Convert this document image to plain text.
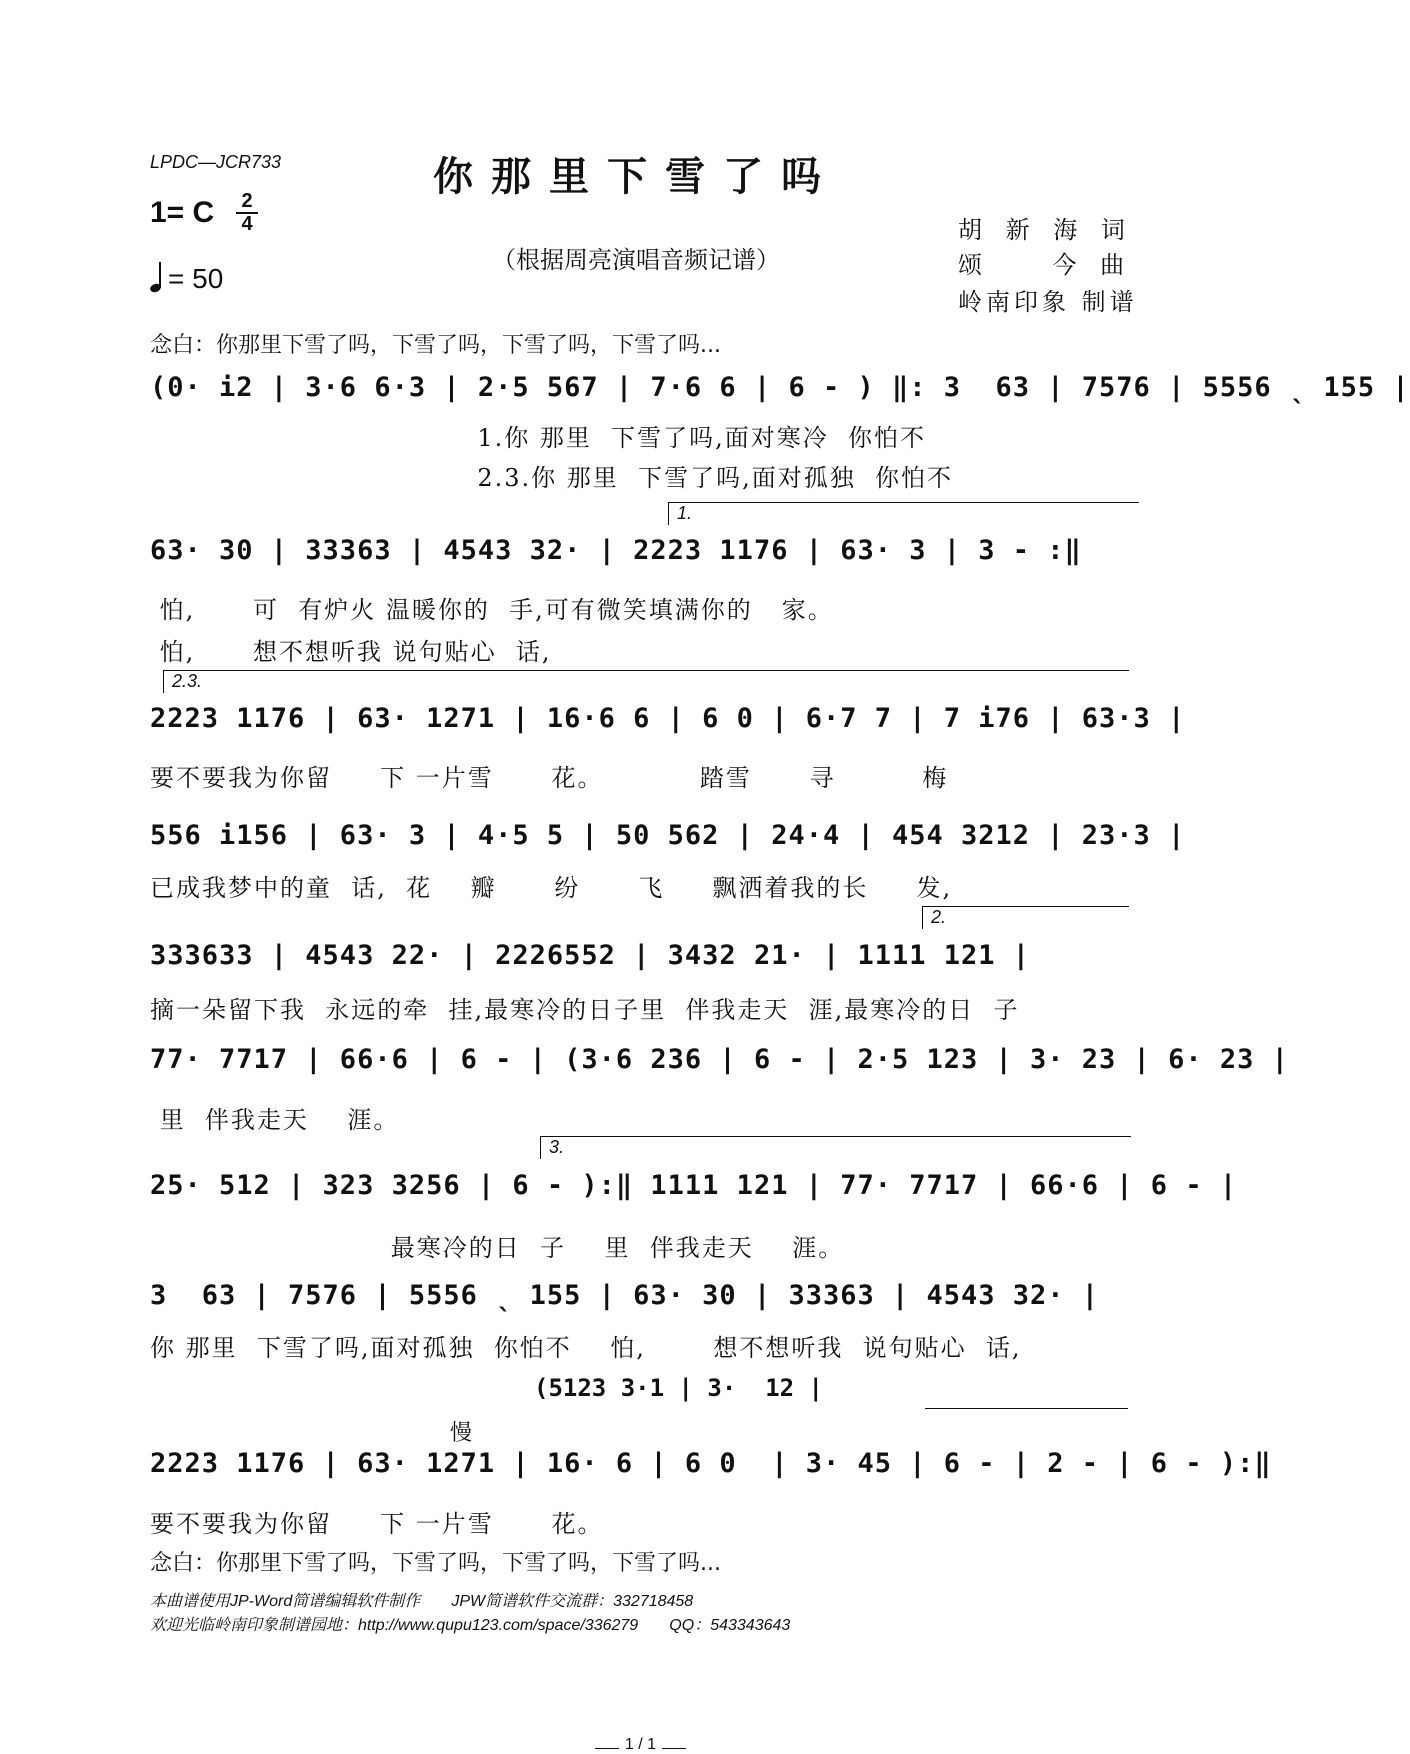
LPDC—JCR733	你那里下雪了吗
（根据周亮演唱音频记谱）
胡 新 海 词
颂    今 曲
岭南印象 制谱
1= C 2
4
= 50
念白：你那里下雪了吗，下雪了吗，下雪了吗，下雪了吗...
(0· i2 | 3·6 6·3 | 2·5 567 | 7·6 6 | 6 - ) ‖: 3  63 | 7576 | 5556 ˎ 155 |
1.你 那里  下雪了吗,面对寒冷  你怕不
2.3.你 那里  下雪了吗,面对孤独  你怕不
1.
63· 30 | 33363 | 4543 32· | 2223 1176 | 63· 3 | 3 - :‖
怕,      可  有炉火 温暖你的  手,可有微笑填满你的   家。
怕,      想不想听我 说句贴心  话,
2.3.
2223 1176 | 63· 1271 | 16·6 6 | 6 0 | 6·7 7 | 7 i76 | 63·3 |
要不要我为你留     下 一片雪      花。          踏雪      寻         梅
556 i156 | 63· 3 | 4·5 5 | 50 562 | 24·4 | 454 3212 | 23·3 |
已成我梦中的童  话,  花    瓣      纷      飞     飘洒着我的长     发,
2.
333633 | 4543 22· | 2226552 | 3432 21· | 1111 121 |
摘一朵留下我  永远的牵  挂,最寒冷的日子里  伴我走天  涯,最寒冷的日  子
77· 7717 | 66·6 | 6 - | (3·6 236 | 6 - | 2·5 123 | 3· 23 | 6· 23 |
里  伴我走天    涯。
3.
25· 512 | 323 3256 | 6 - ):‖ 1111 121 | 77· 7717 | 66·6 | 6 - |
最寒冷的日  子    里  伴我走天    涯。
3  63 | 7576 | 5556 ˎ 155 | 63· 30 | 33363 | 4543 32· |
你 那里  下雪了吗,面对孤独  你怕不    怕,       想不想听我  说句贴心  话,
(5123 3·1 | 3·  12 |
慢
2223 1176 | 63· 1271 | 16· 6 | 6 0  | 3· 45 | 6 - | 2 - | 6 - ):‖
要不要我为你留     下 一片雪      花。
念白：你那里下雪了吗，下雪了吗，下雪了吗，下雪了吗...
本曲谱使用JP-Word简谱编辑软件制作       JPW简谱软件交流群：332718458
欢迎光临岭南印象制谱园地：http://www.qupu123.com/space/336279       QQ：543343643

1 / 1
